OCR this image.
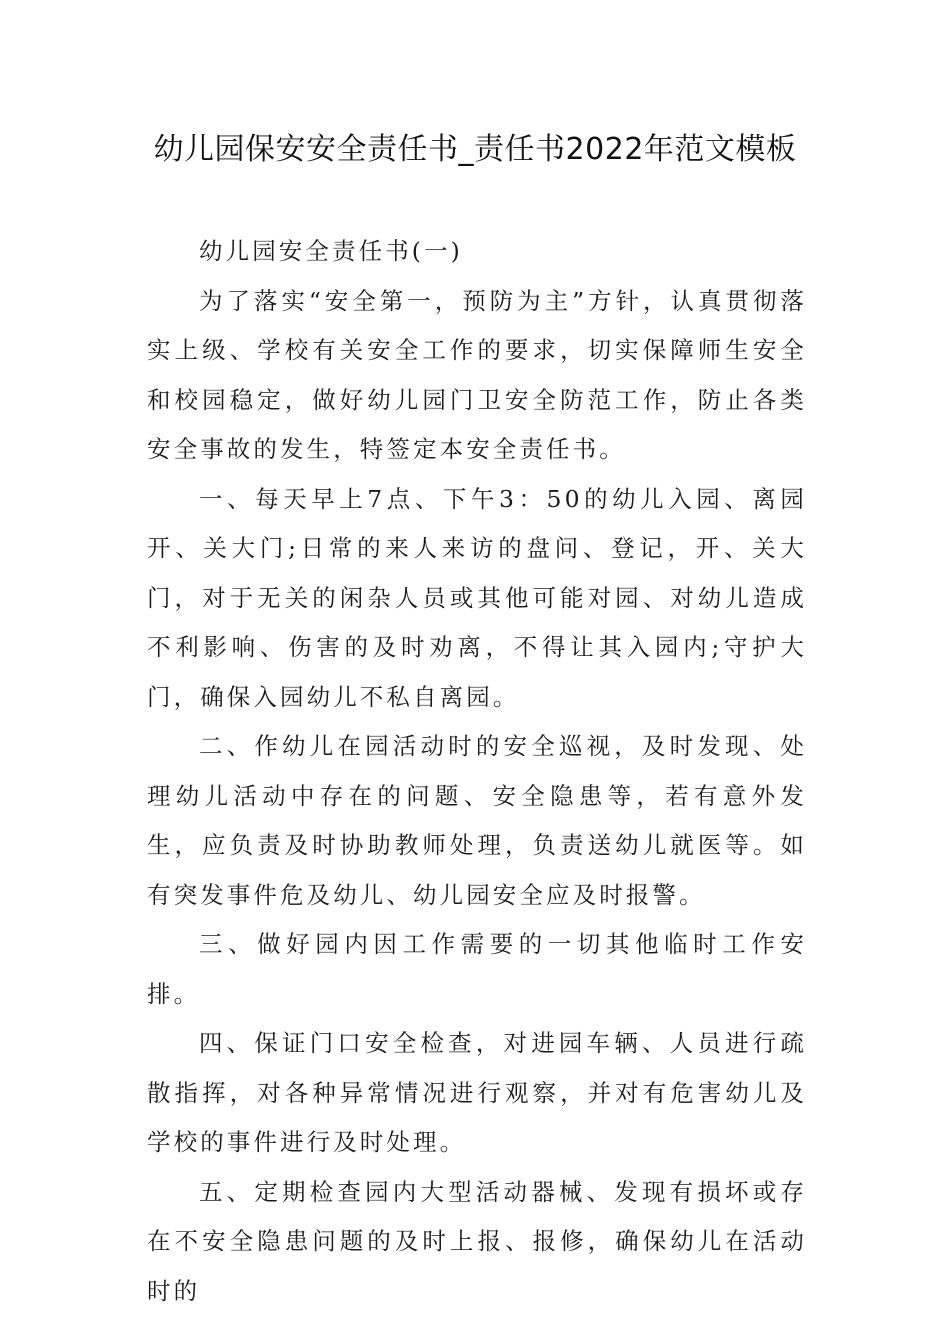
幼儿园保安安全责任书_责任书2022年范文模板

幼儿园安全责任书(一)

为了落实“安全第一，预防为主”方针，认真贯彻落实上级、学校有关安全工作的要求，切实保障师生安全和校园稳定，做好幼儿园门卫安全防范工作，防止各类安全事故的发生，特签定本安全责任书。

一、每天早上7点、下午3：50的幼儿入园、离园开、关大门;日常的来人来访的盘问、登记，开、关大门，对于无关的闲杂人员或其他可能对园、对幼儿造成不利影响、伤害的及时劝离，不得让其入园内;守护大门，确保入园幼儿不私自离园。

二、作幼儿在园活动时的安全巡视，及时发现、处理幼儿活动中存在的问题、安全隐患等，若有意外发生，应负责及时协助教师处理，负责送幼儿就医等。如有突发事件危及幼儿、幼儿园安全应及时报警。

三、做好园内因工作需要的一切其他临时工作安排。

四、保证门口安全检查，对进园车辆、人员进行疏散指挥，对各种异常情况进行观察，并对有危害幼儿及学校的事件进行及时处理。

五、定期检查园内大型活动器械、发现有损坏或存在不安全隐患问题的及时上报、报修，确保幼儿在活动时的
